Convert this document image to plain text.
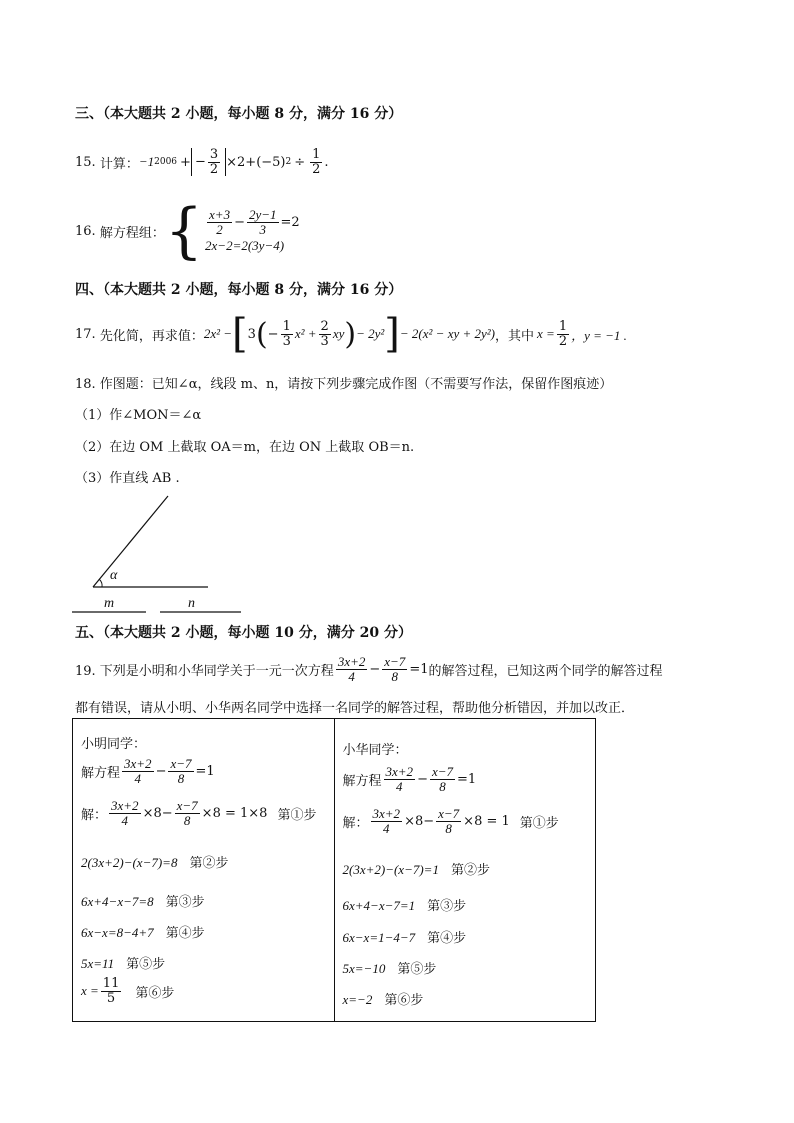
三、（本大题共 2 小题，每小题 8 分，满分 16 分）
15.
计算： −1 2006 + − $\frac{3}{2} \times 2+ (-5) 2 \div \frac{1}{2}$ .
16.
解方程组： { $\frac{x+3}{2} - \frac{2y-1}{3} =2$
2x−2=2(3y−4)
四、（本大题共 2 小题，每小题 8 分，满分 16 分）
17.
先化简，再求值： 2x² − [ 3 ( − $\frac{1}{3} x^2 + \frac{2}{3}$ xy ) − 2y² ] − 2(x² − xy + 2y²) ，其中 $x = \frac{1}{2}$ ，y = −1 .
18. 作图题：已知∠α，线段 m、n，请按下列步骤完成作图（不需要写作法，保留作图痕迹）
（1）作∠MON＝∠α
（2）在边 OM 上截取 OA＝m，在边 ON 上截取 OB＝n.
（3）作直线 AB .
α
m	n
五、（本大题共 2 小题，每小题 10 分，满分 20 分）
19. 下列是小明和小华同学关于一元一次方程 $\frac{3x+2}{4} - \frac{x-7}{8} =1$ 的解答过程，已知这两个同学的解答过程
都有错误，请从小明、小华两名同学中选择一名同学的解答过程，帮助他分析错因，并加以改正．
小明同学：
解方程 $\frac{3x+2}{4} - \frac{x-7}{8} =1$
解： $\frac{3x+2}{4} \times 8- \frac{x-7}{8} \times 8 = 1\times 8$ 第①步
2(3x+2)−(x−7)=8 第②步
6x+4−x−7=8 第③步
6x−x=8−4+7 第④步
5x=11 第⑤步
$x = \frac{11}{5}$ 第⑥步

小华同学：
解方程 $\frac{3x+2}{4} - \frac{x-7}{8} =1$
解： $\frac{3x+2}{4} \times 8- \frac{x-7}{8} \times 8 = 1$ 第①步
2(3x+2)−(x−7)=1 第②步
6x+4−x−7=1 第③步
6x−x=1−4−7 第④步
5x=−10 第⑤步
x=−2 第⑥步
